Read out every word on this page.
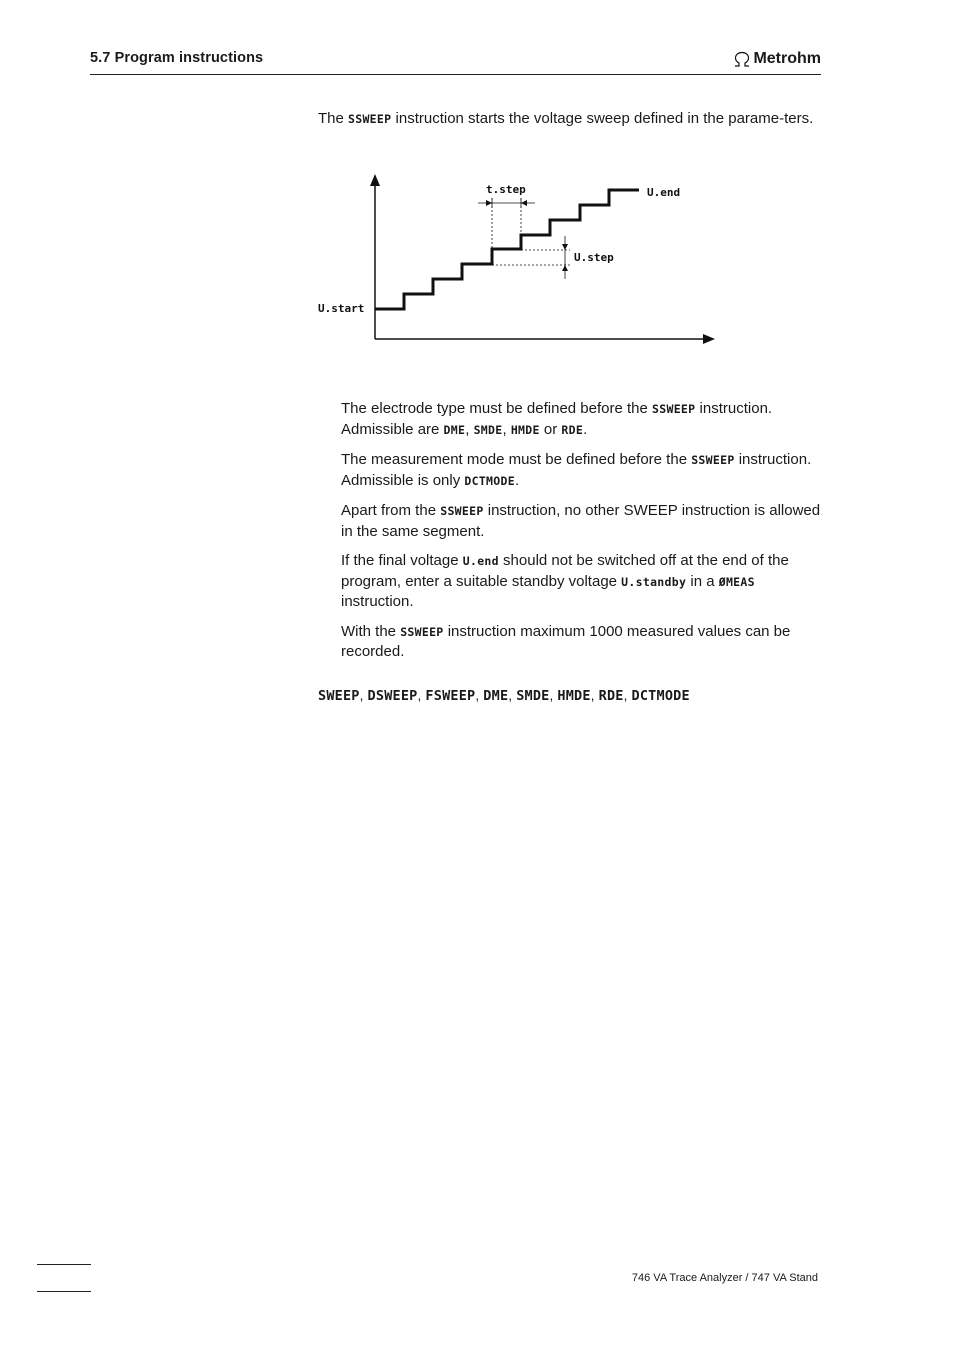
5.7 Program instructions	Metrohm
The SSWEEP instruction starts the voltage sweep defined in the parame-ters.
t.step	U.end
U.step
U.start

The electrode type must be defined before the SSWEEP instruction. Admissible are DME, SMDE, HMDE or RDE.

The measurement mode must be defined before the SSWEEP instruction. Admissible is only DCTMODE.

Apart from the SSWEEP instruction, no other SWEEP instruction is allowed in the same segment.

If the final voltage U.end should not be switched off at the end of the program, enter a suitable standby voltage U.standby in a ØMEAS instruction.

With the SSWEEP instruction maximum 1000 measured values can be recorded.

SWEEP, DSWEEP, FSWEEP, DME, SMDE, HMDE, RDE, DCTMODE
746 VA Trace Analyzer / 747 VA Stand
